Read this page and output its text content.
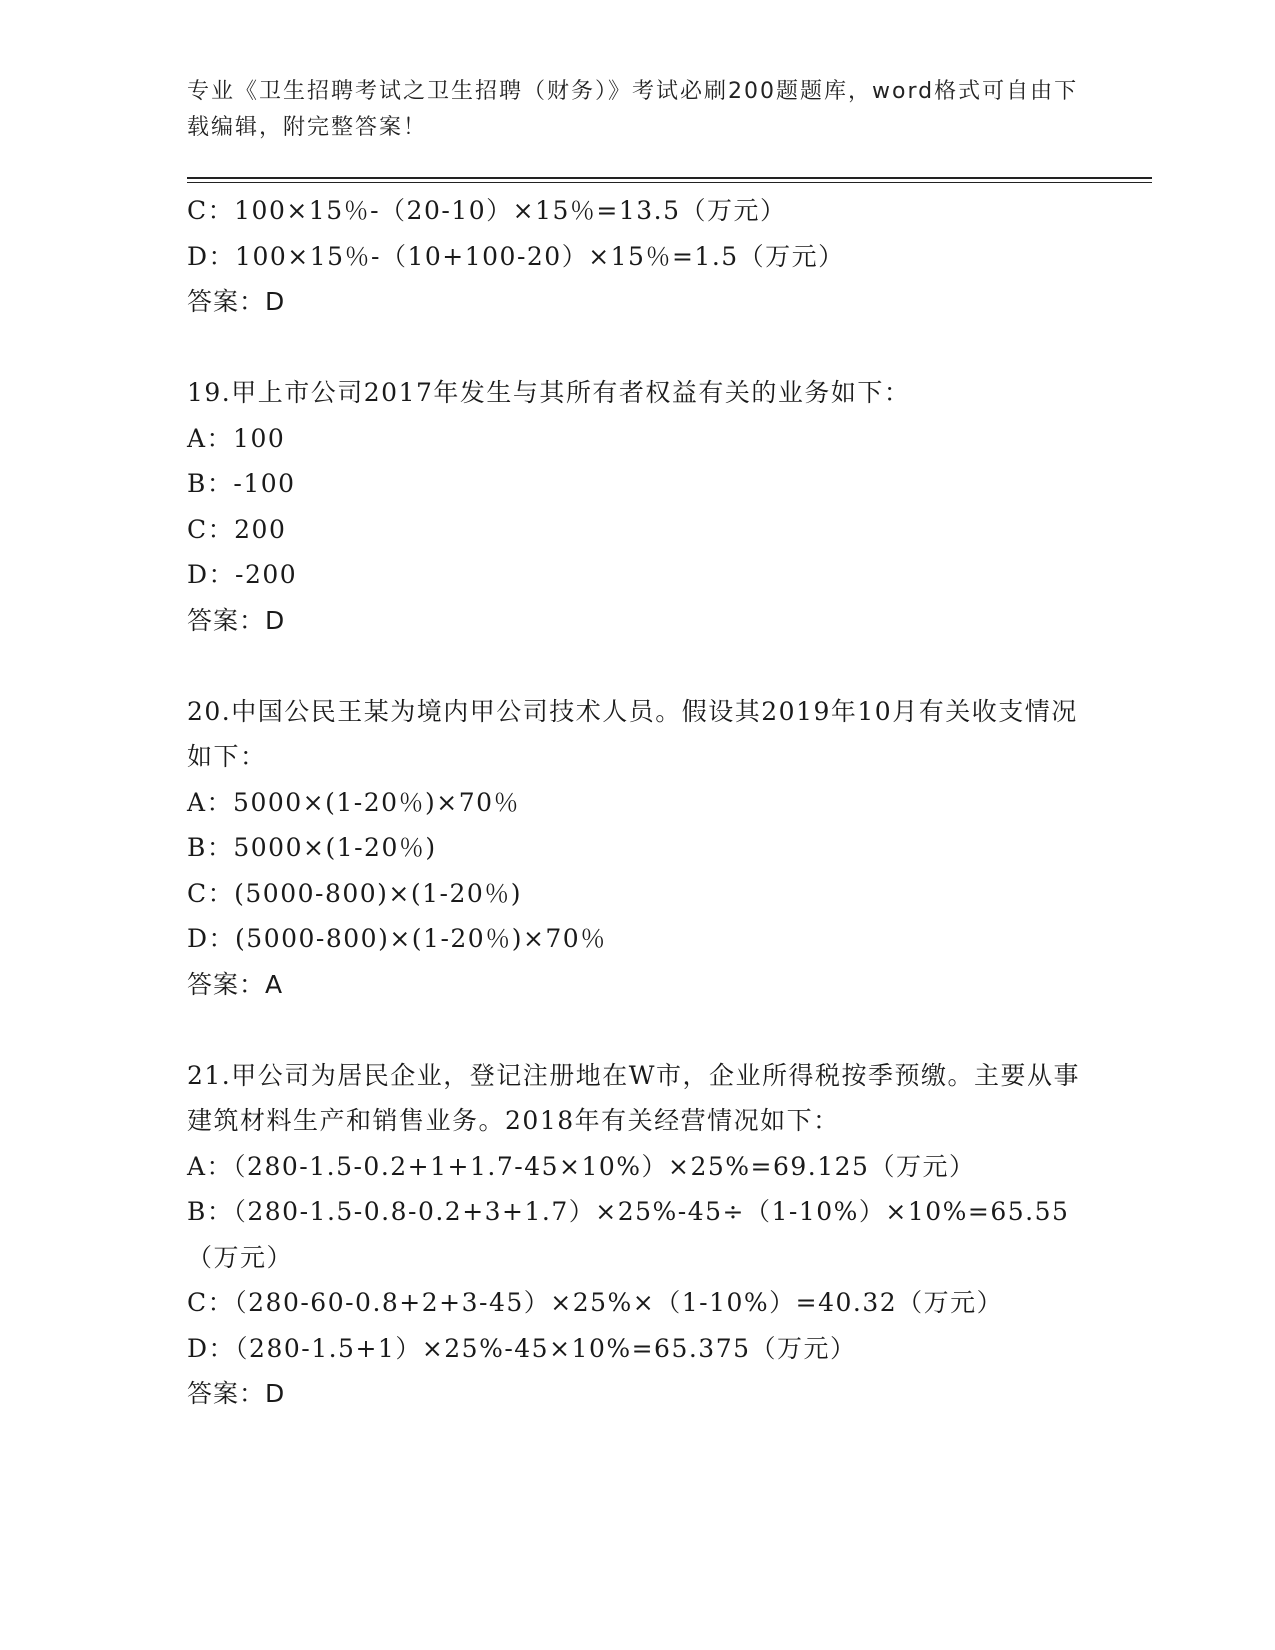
专业《卫生招聘考试之卫生招聘（财务）》考试必刷200题题库，word格式可自由下载编辑，附完整答案！
C：100×15％-（20-10）×15％=13.5（万元）
D：100×15％-（10+100-20）×15％=1.5（万元）
答案：D
19.甲上市公司2017年发生与其所有者权益有关的业务如下：
A：100
B：-100
C：200
D：-200
答案：D
20.中国公民王某为境内甲公司技术人员。假设其2019年10月有关收支情况如下：
A：5000×(1-20％)×70％
B：5000×(1-20％)
C：(5000-800)×(1-20％)
D：(5000-800)×(1-20％)×70％
答案：A
21.甲公司为居民企业，登记注册地在W市，企业所得税按季预缴。主要从事建筑材料生产和销售业务。2018年有关经营情况如下：
A：（280-1.5-0.2+1+1.7-45×10%）×25%=69.125（万元）
B：（280-1.5-0.8-0.2+3+1.7）×25%-45÷（1-10%）×10%=65.55（万元）
C：（280-60-0.8+2+3-45）×25%×（1-10%）=40.32（万元）
D：（280-1.5+1）×25%-45×10%=65.375（万元）
答案：D
